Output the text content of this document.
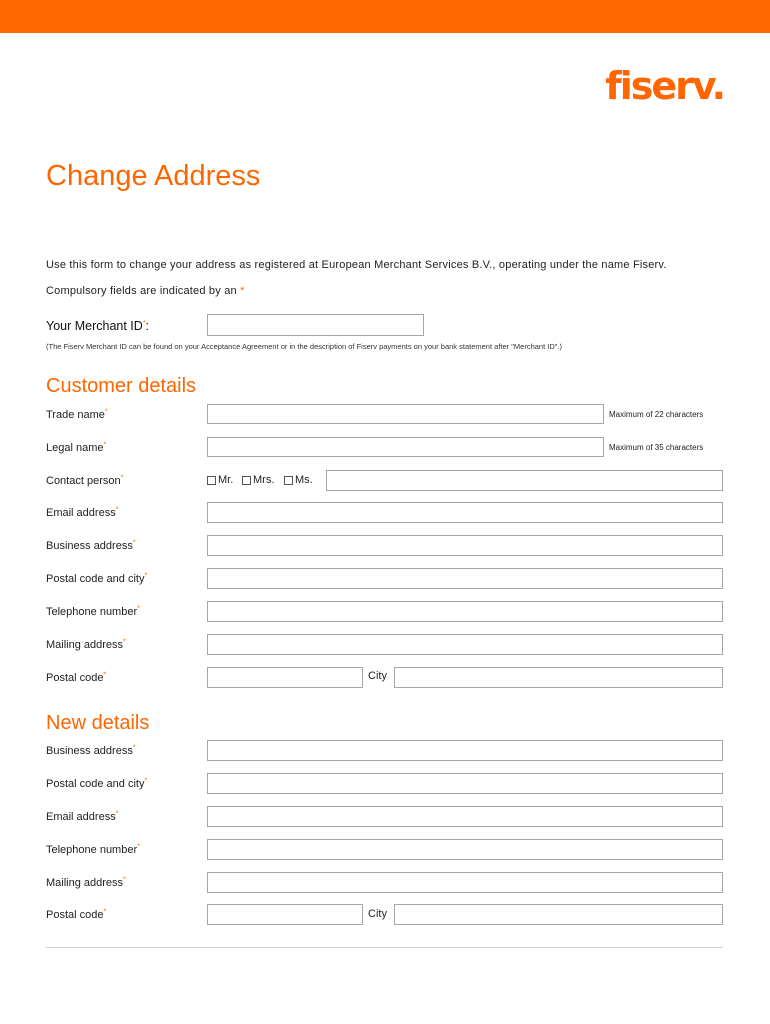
fiserv.
Change Address
Use this form to change your address as registered at European Merchant Services B.V., operating under the name Fiserv.
Compulsory fields are indicated by an *
Your Merchant ID*:
(The Fiserv Merchant ID can be found on your Acceptance Agreement or in the description of Fiserv payments on your bank statement after "Merchant ID".)
Customer details
Trade name*	Maximum of 22 characters
Legal name*	Maximum of 35 characters
Contact person*	Mr. Mrs. Ms.
Email address*
Business address*
Postal code and city*
Telephone number*
Mailing address*
Postal code*	City
New details
Business address*
Postal code and city*
Email address*
Telephone number*
Mailing address*
Postal code*	City
